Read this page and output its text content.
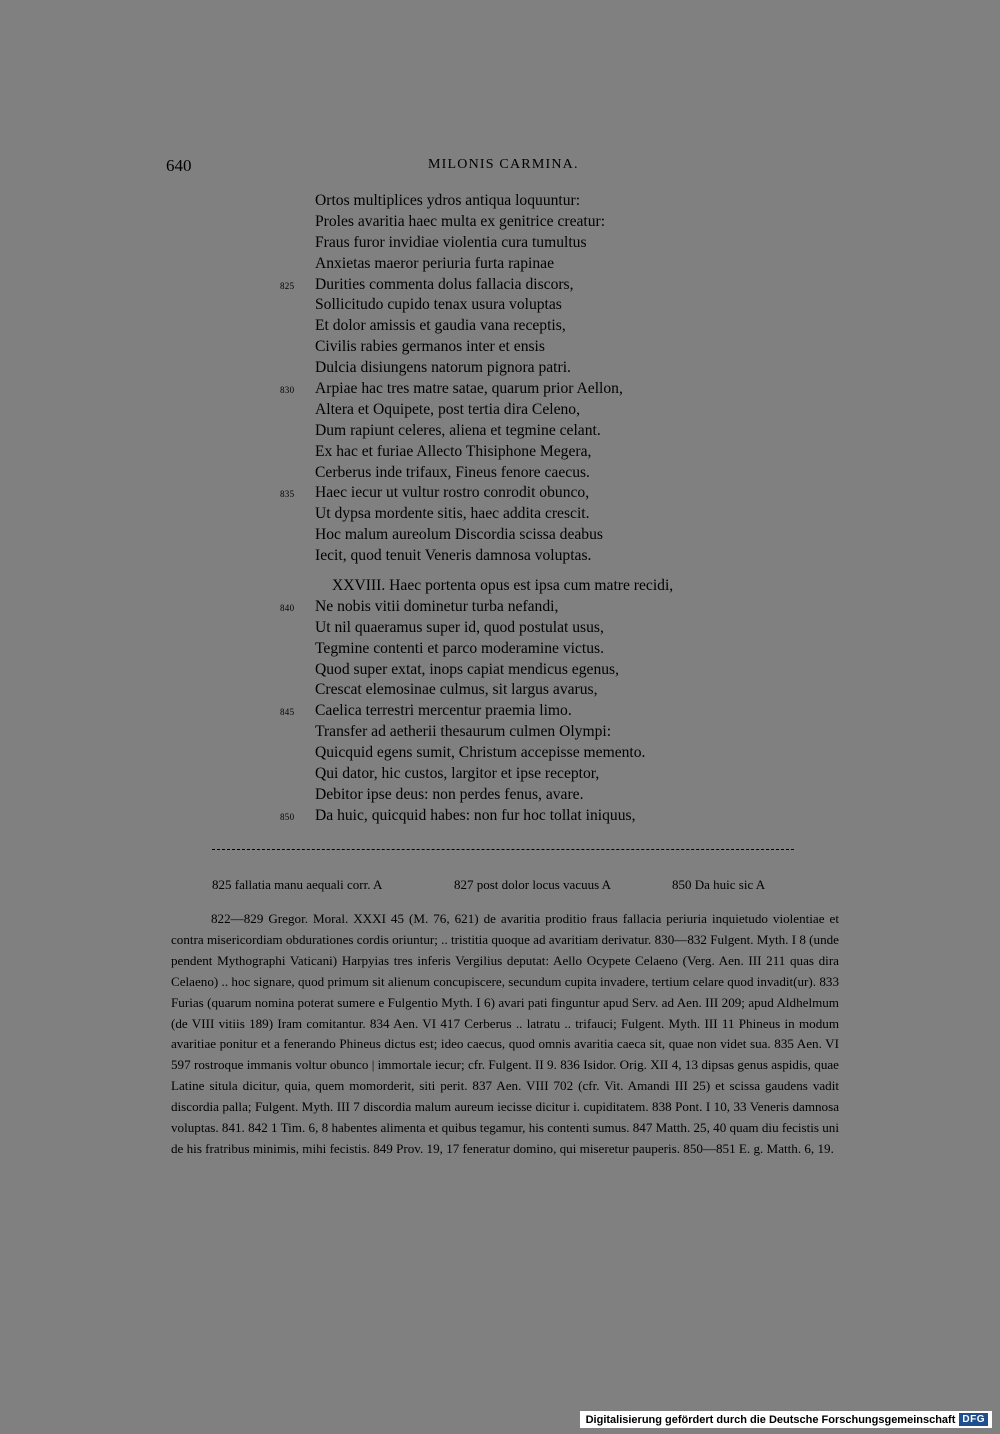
640	MILONIS CARMINA.
Ortos multiplices ydros antiqua loquuntur:
Proles avaritia haec multa ex genitrice creatur:
Fraus furor invidiae violentia cura tumultus
Anxietas maeror periuria furta rapinae
825	Durities commenta dolus fallacia discors,
Sollicitudo cupido tenax usura voluptas
Et dolor amissis et gaudia vana receptis,
Civilis rabies germanos inter et ensis
Dulcia disiungens natorum pignora patri.
830	Arpiae hac tres matre satae, quarum prior Aellon,
Altera et Oquipete, post tertia dira Celeno,
Dum rapiunt celeres, aliena et tegmine celant.
Ex hac et furiae Allecto Thisiphone Megera,
Cerberus inde trifaux, Fineus fenore caecus.
835	Haec iecur ut vultur rostro conrodit obunco,
Ut dypsa mordente sitis, haec addita crescit.
Hoc malum aureolum Discordia scissa deabus
Iecit, quod tenuit Veneris damnosa voluptas.
XXVIII. Haec portenta opus est ipsa cum matre recidi,
840	Ne nobis vitii dominetur turba nefandi,
Ut nil quaeramus super id, quod postulat usus,
Tegmine contenti et parco moderamine victus.
Quod super extat, inops capiat mendicus egenus,
Crescat elemosinae culmus, sit largus avarus,
845	Caelica terrestri mercentur praemia limo.
Transfer ad aetherii thesaurum culmen Olympi:
Quicquid egens sumit, Christum accepisse memento.
Qui dator, hic custos, largitor et ipse receptor,
Debitor ipse deus: non perdes fenus, avare.
850	Da huic, quicquid habes: non fur hoc tollat iniquus,
825 fallatia manu aequali corr. A	827 post dolor locus vacuus A	850 Da huic sic A
822—829 Gregor. Moral. XXXI 45 (M. 76, 621) de avaritia proditio fraus fallacia periuria inquietudo violentiae et contra misericordiam obdurationes cordis oriuntur; .. tristitia quoque ad avaritiam derivatur. 830—832 Fulgent. Myth. I 8 (unde pendent Mythographi Vaticani) Harpyias tres inferis Vergilius deputat: Aello Ocypete Celaeno (Verg. Aen. III 211 quas dira Celaeno) .. hoc signare, quod primum sit alienum concupiscere, secundum cupita invadere, tertium celare quod invadit(ur). 833 Furias (quarum nomina poterat sumere e Fulgentio Myth. I 6) avari pati finguntur apud Serv. ad Aen. III 209; apud Aldhelmum (de VIII vitiis 189) Iram comitantur. 834 Aen. VI 417 Cerberus .. latratu .. trifauci; Fulgent. Myth. III 11 Phineus in modum avaritiae ponitur et a fenerando Phineus dictus est; ideo caecus, quod omnis avaritia caeca sit, quae non videt sua. 835 Aen. VI 597 rostroque immanis voltur obunco | immortale iecur; cfr. Fulgent. II 9. 836 Isidor. Orig. XII 4, 13 dipsas genus aspidis, quae Latine situla dicitur, quia, quem momorderit, siti perit. 837 Aen. VIII 702 (cfr. Vit. Amandi III 25) et scissa gaudens vadit discordia palla; Fulgent. Myth. III 7 discordia malum aureum iecisse dicitur i. cupiditatem. 838 Pont. I 10, 33 Veneris damnosa voluptas. 841. 842 1 Tim. 6, 8 habentes alimenta et quibus tegamur, his contenti sumus. 847 Matth. 25, 40 quam diu fecistis uni de his fratribus minimis, mihi fecistis. 849 Prov. 19, 17 feneratur domino, qui miseretur pauperis. 850—851 E. g. Matth. 6, 19.
Digitalisierung gefördert durch die Deutsche Forschungsgemeinschaft DFG
